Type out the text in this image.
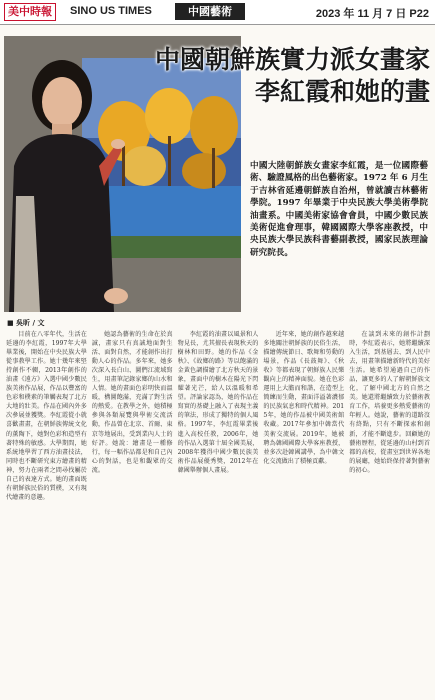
美中時報	SINO US TIMES	中國藝術	2023 年 11 月 7 日 P22
中國朝鮮族實力派女畫家
李紅霞和她的畫
中國大陸朝鮮族女畫家李紅霞，是一位國際藝術、驗證風格的出色藝術家。1972 年 6 月生于吉林省延邊朝鮮族自治州，曾就讀吉林藝術學院。1997 年畢業于中央民族大學美術學院油畫系。中國美術家協會會員，中國少數民族美術促進會理事，韓國國際大學客座教授，中央民族大學民族科書藝副教授，國家民族理論研究院長。
■ 吳昕 / 文

目前在八零年代，生活在延邊的李紅霞，1997年大學畢業後，開始在中央民族大學從事教學工作。她十幾年來堅持創作不輟，2013年創作的油畫《遠方》入選中國少數民族美術作品展，作品以豐富的色彩和樸素的筆觸表現了北方大地的壯美。作品在國內外多次參展並獲獎。李紅霞從小就喜歡畫畫，在朝鮮族傳統文化的薰陶下，她對色彩和造型有著特殊的敏感。大學期間，她系統地學習了西方油畫技法，同時也不斷研究東方繪畫的精神，努力在兩者之間尋找屬於自己的表達方式。她的畫面既有朝鮮族民俗的質樸，又有現代繪畫的意趣。

她認為藝術的生命在於真誠，畫家只有真誠地面對生活、面對自然，才能創作出打動人心的作品。多年來，她多次深入長白山、圖們江流域寫生，用畫筆記錄家鄉的山水和人情。她的畫面色彩明快而溫暖，構圖飽滿，充滿了對生活的熱愛。在教學之外，她積極參與各類展覽與學術交流活動，作品曾在北京、首爾、東京等地展出，受到業內人士的好評。她說：繪畫是一種修行，每一幅作品都是和自己內心的對話，也是和觀眾的交流。

李紅霞的油畫以風景和人物見長，尤其擅長表現秋天的樹林和田野。她的作品《金秋》、《故鄉的路》等以飽滿的金黃色調描繪了北方秋天的景象，畫面中的樹木在陽光下閃耀著光芒，給人以溫暖和希望。評論家認為，她的作品在寫實的基礎上融入了表現主義的筆法，形成了獨特的個人風格。1997年，李紅霞畢業後進入高校任教，2006年，她的作品入選第十屆全國美展，2008年獲得中國少數民族美術作品展優秀獎，2012年在韓國舉辦個人畫展。

近年來，她的創作越來越多地關注朝鮮族的民俗生活，描繪傳統節日、歌舞和勞動的場景，作品《長鼓舞》、《秋收》等都表現了朝鮮族人民樂觀向上的精神面貌。她在色彩運用上大膽而和諧，在造型上簡練而生動，畫面洋溢著濃郁的民族氣息和時代精神。2015年，她的作品被中國美術館收藏。2017年參加中韓當代美術交流展。2019年，她被聘為韓國國際大學客座教授，並多次赴韓國講學，為中韓文化交流做出了積極貢獻。

在談到未來的創作計劃時，李紅霞表示，她將繼續深入生活，到基層去、到人民中去，用畫筆描繪新時代的美好生活。她希望通過自己的作品，讓更多的人了解朝鮮族文化，了解中國北方的自然之美。她還將繼續致力於藝術教育工作，培養更多熱愛藝術的年輕人。她說，藝術的道路沒有終點，只有不斷探索和創新，才能不斷進步。回顧她的藝術歷程，從延邊的山村到首都的高校，從畫室到世界各地的展廳，她始終保持著對藝術的初心。
